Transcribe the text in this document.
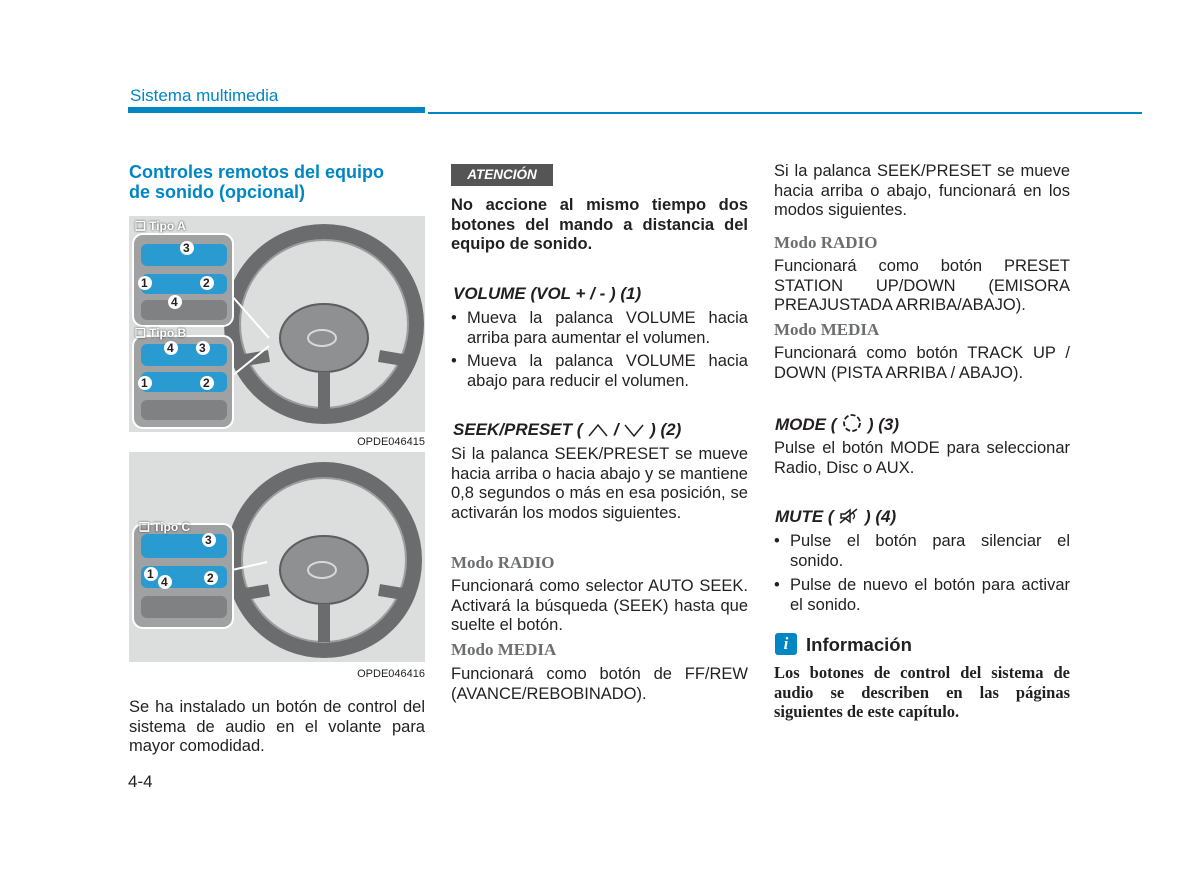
Sistema multimedia
Controles remotos del equipo
de sonido (opcional)
3
1	2
4
4 3
1	2
❑ Tipo A
❑ Tipo B
OPDE046415
3
1
4	2
❑ Tipo C
OPDE046416

Se ha instalado un botón de control del sistema de audio en el volante para mayor comodidad.

4-4
ATENCIÓN

No accione al mismo tiempo dos botones del mando a distancia del equipo de sonido.

VOLUME (VOL + / - ) (1)

• Mueva la palanca VOLUME hacia arriba para aumentar el volumen.

• Mueva la palanca VOLUME hacia abajo para reducir el volumen.

SEEK/PRESET ( / ) (2)

Si la palanca SEEK/PRESET se mueve hacia arriba o hacia abajo y se mantiene 0,8 segundos o más en esa posición, se activarán los modos siguientes.

Modo RADIO

Funcionará como selector AUTO SEEK. Activará la búsqueda (SEEK) hasta que suelte el botón.

Modo MEDIA

Funcionará como botón de FF/REW (AVANCE/REBOBINADO).

Si la palanca SEEK/PRESET se mueve hacia arriba o abajo, funcionará en los modos siguientes.

Modo RADIO

Funcionará como botón PRESET STATION UP/DOWN (EMISORA PREAJUSTADA ARRIBA/ABAJO).

Modo MEDIA

Funcionará como botón TRACK UP / DOWN (PISTA ARRIBA / ABAJO).

MODE ( ) (3)

Pulse el botón MODE para seleccionar Radio, Disc o AUX.

MUTE ( ) (4)

• Pulse el botón para silenciar el sonido.

• Pulse de nuevo el botón para activar el sonido.

i Información

Los botones de control del sistema de audio se describen en las páginas siguientes de este capítulo.
